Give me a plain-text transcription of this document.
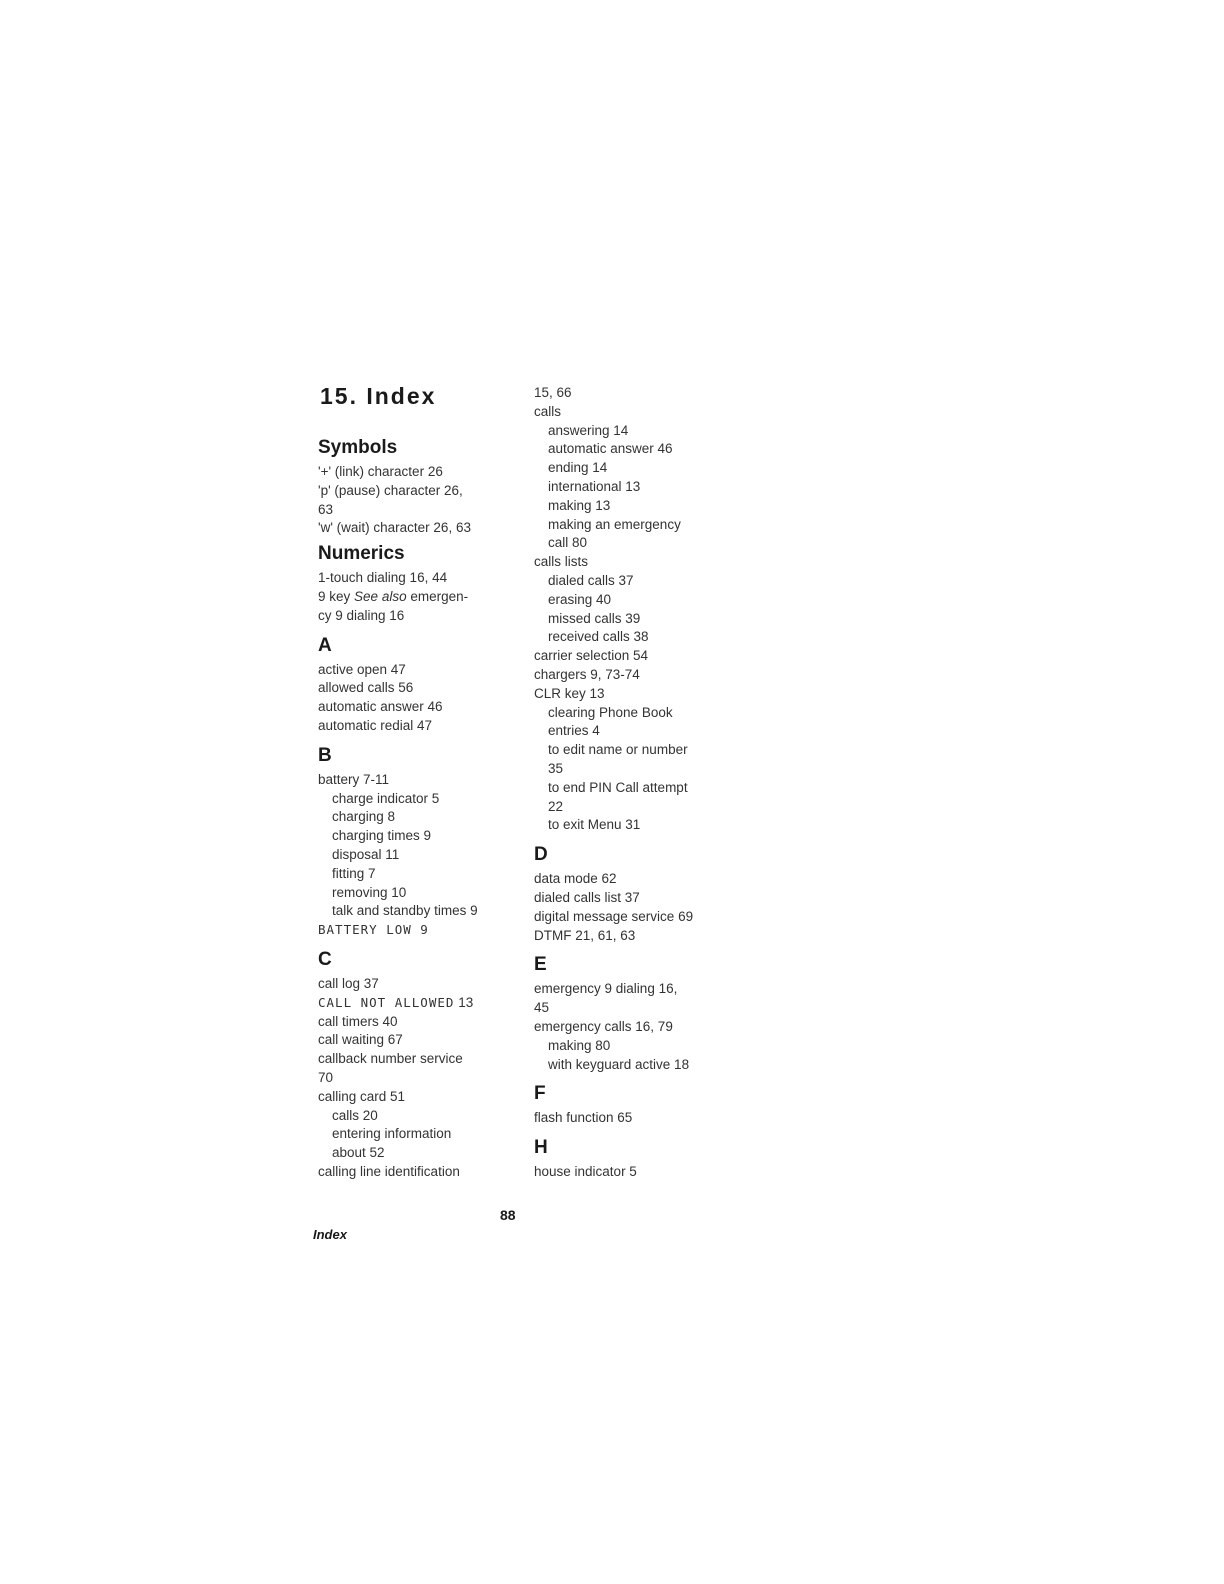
15. Index
Symbols
'+' (link) character 26
'p' (pause) character 26,
63
'w' (wait) character 26, 63
Numerics
1-touch dialing 16, 44
9 key See also emergen-
cy 9 dialing 16
A
active open 47
allowed calls 56
automatic answer 46
automatic redial 47
B
battery 7-11
charge indicator 5
charging 8
charging times 9
disposal 11
fitting 7
removing 10
talk and standby times 9
BATTERY LOW 9
C
call log 37
CALL NOT ALLOWED 13
call timers 40
call waiting 67
callback number service
70
calling card 51
calls 20
entering information
about 52
calling line identification
15, 66
calls
answering 14
automatic answer 46
ending 14
international 13
making 13
making an emergency
call 80
calls lists
dialed calls 37
erasing 40
missed calls 39
received calls 38
carrier selection 54
chargers 9, 73-74
CLR key 13
clearing Phone Book
entries 4
to edit name or number
35
to end PIN Call attempt
22
to exit Menu 31
D
data mode 62
dialed calls list 37
digital message service 69
DTMF 21, 61, 63
E
emergency 9 dialing 16,
45
emergency calls 16, 79
making 80
with keyguard active 18
F
flash function 65
H
house indicator 5
88
Index
